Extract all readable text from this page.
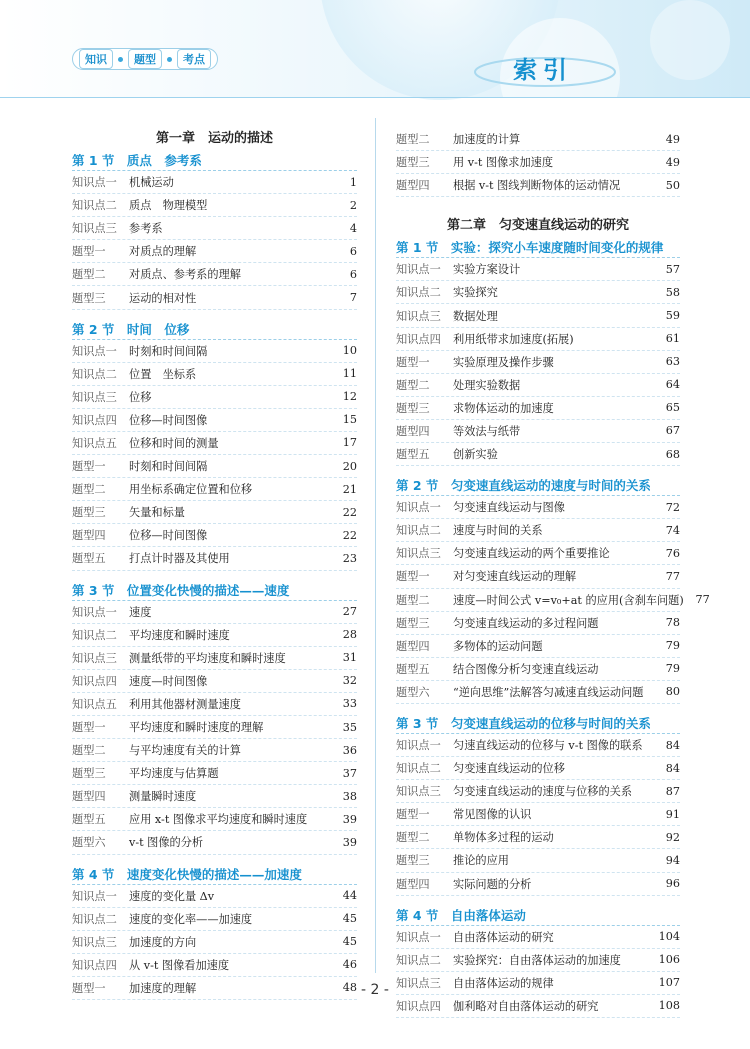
知识	题型	考点	索引
第一章　运动的描述
第 1 节　质点　参考系
知识点一	机械运动	1
知识点二	质点　物理模型	2
知识点三	参考系	4
题型一	对质点的理解	6
题型二	对质点、参考系的理解	6
题型三	运动的相对性	7
第 2 节　时间　位移
知识点一	时刻和时间间隔	10
知识点二	位置　坐标系	11
知识点三	位移	12
知识点四	位移—时间图像	15
知识点五	位移和时间的测量	17
题型一	时刻和时间间隔	20
题型二	用坐标系确定位置和位移	21
题型三	矢量和标量	22
题型四	位移—时间图像	22
题型五	打点计时器及其使用	23
第 3 节　位置变化快慢的描述——速度
知识点一	速度	27
知识点二	平均速度和瞬时速度	28
知识点三	测量纸带的平均速度和瞬时速度	31
知识点四	速度—时间图像	32
知识点五	利用其他器材测量速度	33
题型一	平均速度和瞬时速度的理解	35
题型二	与平均速度有关的计算	36
题型三	平均速度与估算题	37
题型四	测量瞬时速度	38
题型五	应用 x-t 图像求平均速度和瞬时速度	39
题型六	v-t 图像的分析	39
第 4 节　速度变化快慢的描述——加速度
知识点一	速度的变化量 Δv	44
知识点二	速度的变化率——加速度	45
知识点三	加速度的方向	45
知识点四	从 v-t 图像看加速度	46
题型一	加速度的理解	48
题型二	加速度的计算	49
题型三	用 v-t 图像求加速度	49
题型四	根据 v-t 图线判断物体的运动情况	50
第二章　匀变速直线运动的研究
第 1 节　实验：探究小车速度随时间变化的规律
知识点一	实验方案设计	57
知识点二	实验探究	58
知识点三	数据处理	59
知识点四	利用纸带求加速度(拓展)	61
题型一	实验原理及操作步骤	63
题型二	处理实验数据	64
题型三	求物体运动的加速度	65
题型四	等效法与纸带	67
题型五	创新实验	68
第 2 节　匀变速直线运动的速度与时间的关系
知识点一	匀变速直线运动与图像	72
知识点二	速度与时间的关系	74
知识点三	匀变速直线运动的两个重要推论	76
题型一	对匀变速直线运动的理解	77
题型二	速度—时间公式 v=v₀+at 的应用(含刹车问题)	77
题型三	匀变速直线运动的多过程问题	78
题型四	多物体的运动问题	79
题型五	结合图像分析匀变速直线运动	79
题型六	“逆向思维”法解答匀减速直线运动问题	80
第 3 节　匀变速直线运动的位移与时间的关系
知识点一	匀速直线运动的位移与 v-t 图像的联系	84
知识点二	匀变速直线运动的位移	84
知识点三	匀变速直线运动的速度与位移的关系	87
题型一	常见图像的认识	91
题型二	单物体多过程的运动	92
题型三	推论的应用	94
题型四	实际问题的分析	96
第 4 节　自由落体运动
知识点一	自由落体运动的研究	104
知识点二	实验探究：自由落体运动的加速度	106
知识点三	自由落体运动的规律	107
知识点四	伽利略对自由落体运动的研究	108
- 2 -
